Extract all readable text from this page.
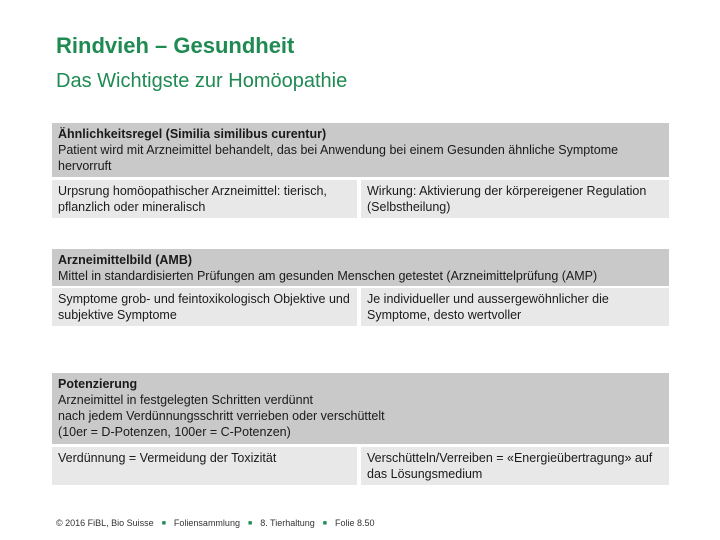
Rindvieh – Gesundheit
Das Wichtigste zur Homöopathie
Ähnlichkeitsregel (Similia similibus curentur)
Patient wird mit Arzneimittel behandelt, das bei Anwendung bei einem Gesunden ähnliche Symptome hervorruft
Urpsrung homöopathischer Arzneimittel: tierisch, pflanzlich oder mineralisch
Wirkung: Aktivierung der körpereigener Regulation (Selbstheilung)
Arzneimittelbild (AMB)
Mittel in standardisierten Prüfungen am gesunden Menschen getestet (Arzneimittelprüfung (AMP)
Symptome grob- und feintoxikologisch Objektive und subjektive Symptome
Je individueller und aussergewöhnlicher die Symptome, desto wertvoller
Potenzierung
Arzneimittel in festgelegten Schritten verdünnt
nach jedem Verdünnungsschritt verrieben oder verschüttelt
(10er = D-Potenzen, 100er = C-Potenzen)
Verdünnung = Vermeidung der Toxizität	Verschütteln/Verreiben = «Energieübertragung» auf das Lösungsmedium
© 2016 FiBL, Bio Suisse ■ Foliensammlung ■ 8. Tierhaltung ■ Folie 8.50
